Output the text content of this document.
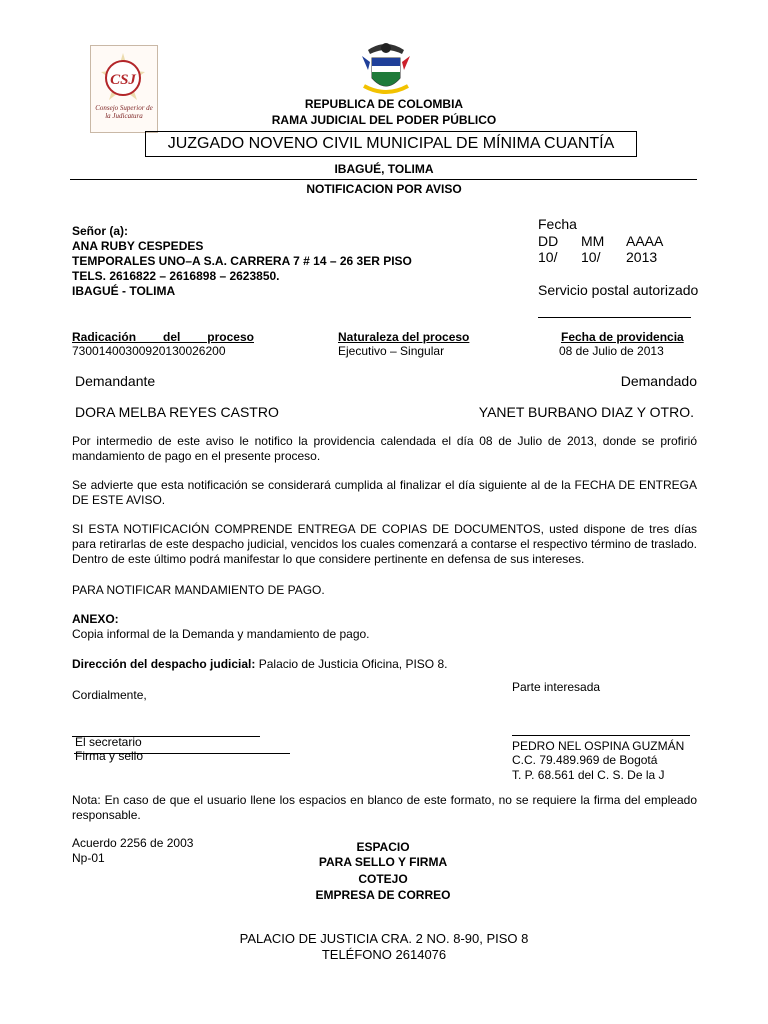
CSJ
Consejo Superior de la Judicatura
REPUBLICA DE COLOMBIA
RAMA JUDICIAL DEL PODER PÚBLICO
JUZGADO NOVENO CIVIL MUNICIPAL DE MÍNIMA CUANTÍA
IBAGUÉ, TOLIMA
NOTIFICACION POR AVISO
Señor (a):
ANA RUBY CESPEDES
TEMPORALES UNO–A S.A. CARRERA 7 # 14 – 26 3ER PISO
TELS. 2616822 – 2616898 – 2623850.
IBAGUÉ - TOLIMA
Fecha
DD MM AAAA
10/ 10/ 2013
Servicio postal autorizado
Radicación del proceso
73001400300920130026200
Naturaleza del proceso
Ejecutivo – Singular
Fecha de providencia
08 de Julio de 2013
Demandante	Demandado
DORA MELBA REYES CASTRO	YANET BURBANO DIAZ Y OTRO.
Por intermedio de este aviso le notifico la providencia calendada el día 08 de Julio de 2013, donde se profirió mandamiento de pago en el presente proceso.
Se advierte que esta notificación se considerará cumplida al finalizar el día siguiente al de la FECHA DE ENTREGA DE ESTE AVISO.
SI ESTA NOTIFICACIÓN COMPRENDE ENTREGA DE COPIAS DE DOCUMENTOS, usted dispone de tres días para retirarlas de este despacho judicial, vencidos los cuales comenzará a contarse el respectivo término de traslado. Dentro de este último podrá manifestar lo que considere pertinente en defensa de sus intereses.
PARA NOTIFICAR MANDAMIENTO DE PAGO.
ANEXO:
Copia informal de la Demanda y mandamiento de pago.
Dirección del despacho judicial: Palacio de Justicia Oficina, PISO 8.
Cordialmente,
Parte interesada
El secretario
Firma y sello
PEDRO NEL OSPINA GUZMÁN
C.C. 79.489.969 de Bogotá
T. P. 68.561 del C. S. De la J
Nota: En caso de que el usuario llene los espacios en blanco de este formato, no se requiere la firma del empleado responsable.
Acuerdo 2256 de 2003
Np-01
ESPACIO
PARA SELLO Y FIRMA
COTEJO
EMPRESA DE CORREO
PALACIO DE JUSTICIA CRA. 2 NO. 8-90, PISO 8
TELÉFONO 2614076
